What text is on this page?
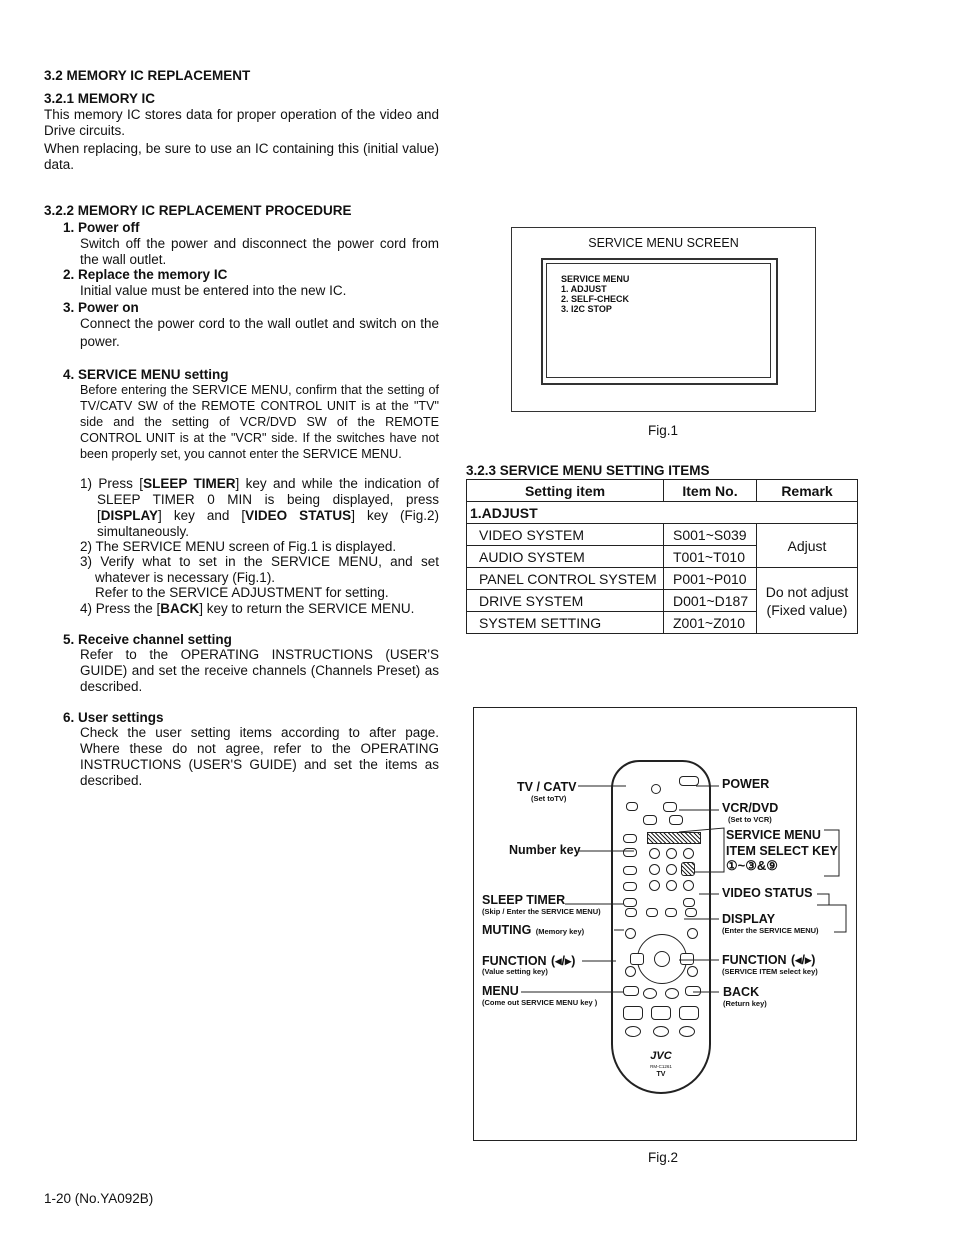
3.2 MEMORY IC REPLACEMENT
3.2.1 MEMORY IC
This memory IC stores data for proper operation of the video and Drive circuits.
When replacing, be sure to use an IC containing this (initial value) data.
3.2.2 MEMORY IC REPLACEMENT PROCEDURE
1. Power off
Switch off the power and disconnect the power cord from the wall outlet.
2. Replace the memory IC
Initial value must be entered into the new IC.
3. Power on
Connect the power cord to the wall outlet and switch on the power.
4. SERVICE MENU setting
Before entering the SERVICE MENU, confirm that the setting of TV/CATV SW of the REMOTE CONTROL UNIT is at the "TV" side and the setting of VCR/DVD SW of the REMOTE CONTROL UNIT is at the "VCR" side. If the switches have not been properly set, you cannot enter the SERVICE MENU.
1) Press [SLEEP TIMER] key and while the indication of SLEEP TIMER 0 MIN is being displayed, press [DISPLAY] key and [VIDEO STATUS] key (Fig.2) simultaneously.
2) The SERVICE MENU screen of Fig.1 is displayed.
3) Verify what to set in the SERVICE MENU, and set whatever is necessary (Fig.1).
Refer to the SERVICE ADJUSTMENT for setting.
4) Press the [BACK] key to return the SERVICE MENU.
5. Receive channel setting
Refer to the OPERATING INSTRUCTIONS (USER'S GUIDE) and set the receive channels (Channels Preset) as described.
6. User settings
Check the user setting items according to after page. Where these do not agree, refer to the OPERATING INSTRUCTIONS (USER'S GUIDE) and set the items as described.
SERVICE MENU SCREEN
SERVICE MENU
1. ADJUST
2. SELF-CHECK
3. I2C STOP
Fig.1
3.2.3 SERVICE MENU SETTING ITEMS
Setting item	Item No.	Remark
1.ADJUST		
VIDEO SYSTEM	S001~S039	Adjust
AUDIO SYSTEM	T001~T010	
PANEL CONTROL SYSTEM	P001~P010	Do not adjust
(Fixed value)

DRIVE SYSTEM	D001~D187	
SYSTEM SETTING	Z001~Z010	
JVC
RM-C1261
TV
TV / CATV
(Set toTV)
Number key
SLEEP TIMER
(Skip / Enter the SERVICE MENU)
MUTING (Memory key)
FUNCTION (◂/▸)
(Value setting key)
MENU
(Come out SERVICE MENU key )
POWER
VCR/DVD
(Set to VCR)
SERVICE MENU
ITEM SELECT KEY
①~③&⑨
VIDEO STATUS
DISPLAY
(Enter the SERVICE MENU)
FUNCTION (◂/▸)
(SERVICE ITEM select key)
BACK
(Return key)
Fig.2
1-20 (No.YA092B)
